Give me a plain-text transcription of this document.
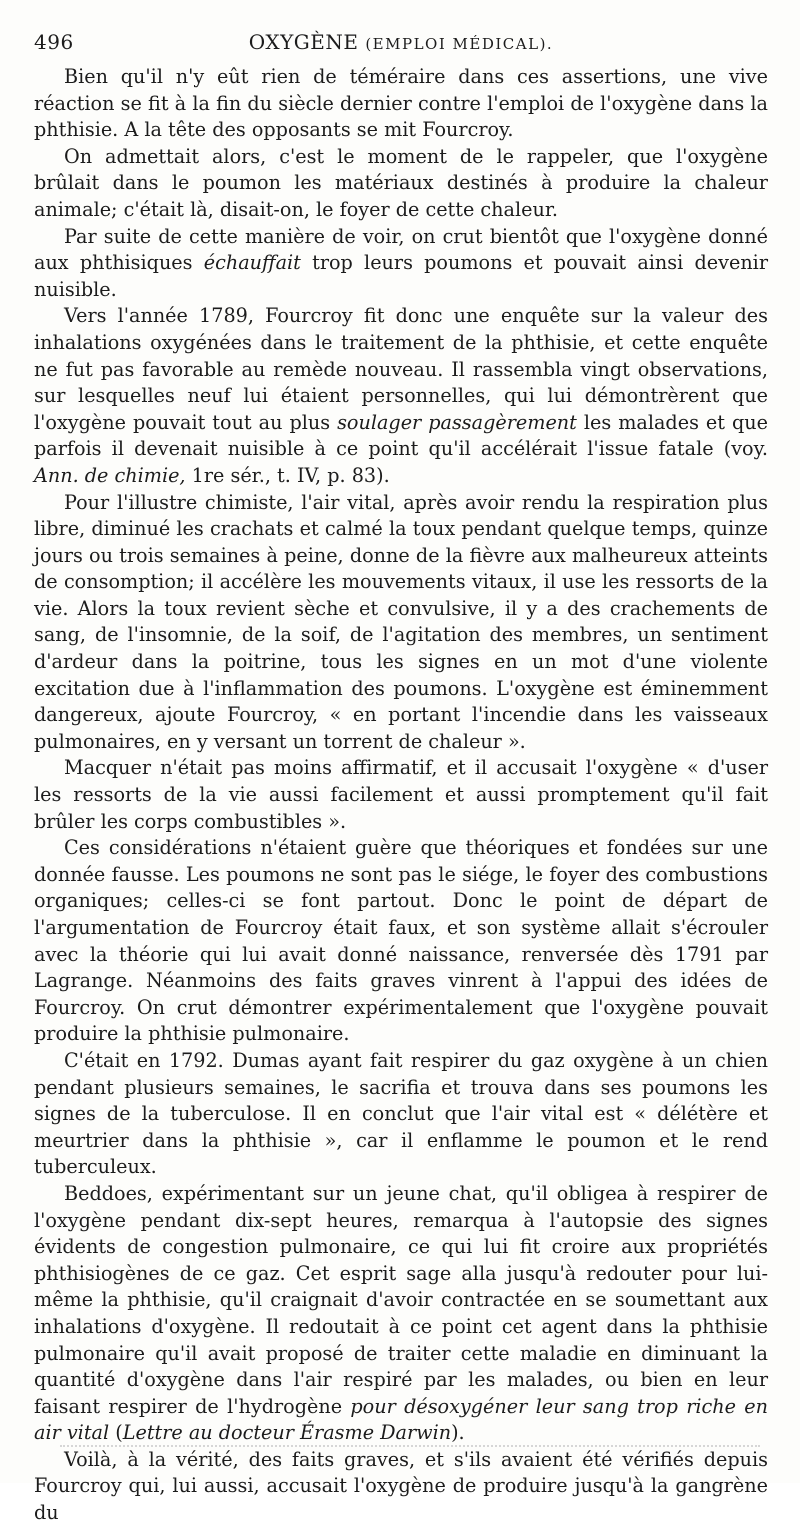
496	OXYGÈNE (EMPLOI MÉDICAL).

Bien qu'il n'y eût rien de téméraire dans ces assertions, une vive réaction se fit à la fin du siècle dernier contre l'emploi de l'oxygène dans la phthisie. A la tête des opposants se mit Fourcroy.

On admettait alors, c'est le moment de le rappeler, que l'oxygène brûlait dans le poumon les matériaux destinés à produire la chaleur animale; c'était là, disait-on, le foyer de cette chaleur.

Par suite de cette manière de voir, on crut bientôt que l'oxygène donné aux phthisiques échauffait trop leurs poumons et pouvait ainsi devenir nuisible.

Vers l'année 1789, Fourcroy fit donc une enquête sur la valeur des inhalations oxygénées dans le traitement de la phthisie, et cette enquête ne fut pas favorable au remède nouveau. Il rassembla vingt observations, sur lesquelles neuf lui étaient personnelles, qui lui démontrèrent que l'oxygène pouvait tout au plus soulager passagèrement les malades et que parfois il devenait nuisible à ce point qu'il accélérait l'issue fatale (voy. Ann. de chimie, 1re sér., t. IV, p. 83).

Pour l'illustre chimiste, l'air vital, après avoir rendu la respiration plus libre, diminué les crachats et calmé la toux pendant quelque temps, quinze jours ou trois semaines à peine, donne de la fièvre aux malheureux atteints de consomption; il accélère les mouvements vitaux, il use les ressorts de la vie. Alors la toux revient sèche et convulsive, il y a des crachements de sang, de l'insomnie, de la soif, de l'agitation des membres, un sentiment d'ardeur dans la poitrine, tous les signes en un mot d'une violente excitation due à l'inflammation des poumons. L'oxygène est éminemment dangereux, ajoute Fourcroy, « en portant l'incendie dans les vaisseaux pulmonaires, en y versant un torrent de chaleur ».

Macquer n'était pas moins affirmatif, et il accusait l'oxygène « d'user les ressorts de la vie aussi facilement et aussi promptement qu'il fait brûler les corps combustibles ».

Ces considérations n'étaient guère que théoriques et fondées sur une donnée fausse. Les poumons ne sont pas le siége, le foyer des combustions organiques; celles-ci se font partout. Donc le point de départ de l'argumentation de Fourcroy était faux, et son système allait s'écrouler avec la théorie qui lui avait donné naissance, renversée dès 1791 par Lagrange. Néanmoins des faits graves vinrent à l'appui des idées de Fourcroy. On crut démontrer expérimentalement que l'oxygène pouvait produire la phthisie pulmonaire.

C'était en 1792. Dumas ayant fait respirer du gaz oxygène à un chien pendant plusieurs semaines, le sacrifia et trouva dans ses poumons les signes de la tuberculose. Il en conclut que l'air vital est « délétère et meurtrier dans la phthisie », car il enflamme le poumon et le rend tuberculeux.

Beddoes, expérimentant sur un jeune chat, qu'il obligea à respirer de l'oxygène pendant dix-sept heures, remarqua à l'autopsie des signes évidents de congestion pulmonaire, ce qui lui fit croire aux propriétés phthisiogènes de ce gaz. Cet esprit sage alla jusqu'à redouter pour lui-même la phthisie, qu'il craignait d'avoir contractée en se soumettant aux inhalations d'oxygène. Il redoutait à ce point cet agent dans la phthisie pulmonaire qu'il avait proposé de traiter cette maladie en diminuant la quantité d'oxygène dans l'air respiré par les malades, ou bien en leur faisant respirer de l'hydrogène pour désoxygéner leur sang trop riche en air vital (Lettre au docteur Érasme Darwin).

Voilà, à la vérité, des faits graves, et s'ils avaient été vérifiés depuis Fourcroy qui, lui aussi, accusait l'oxygène de produire jusqu'à la gangrène du
